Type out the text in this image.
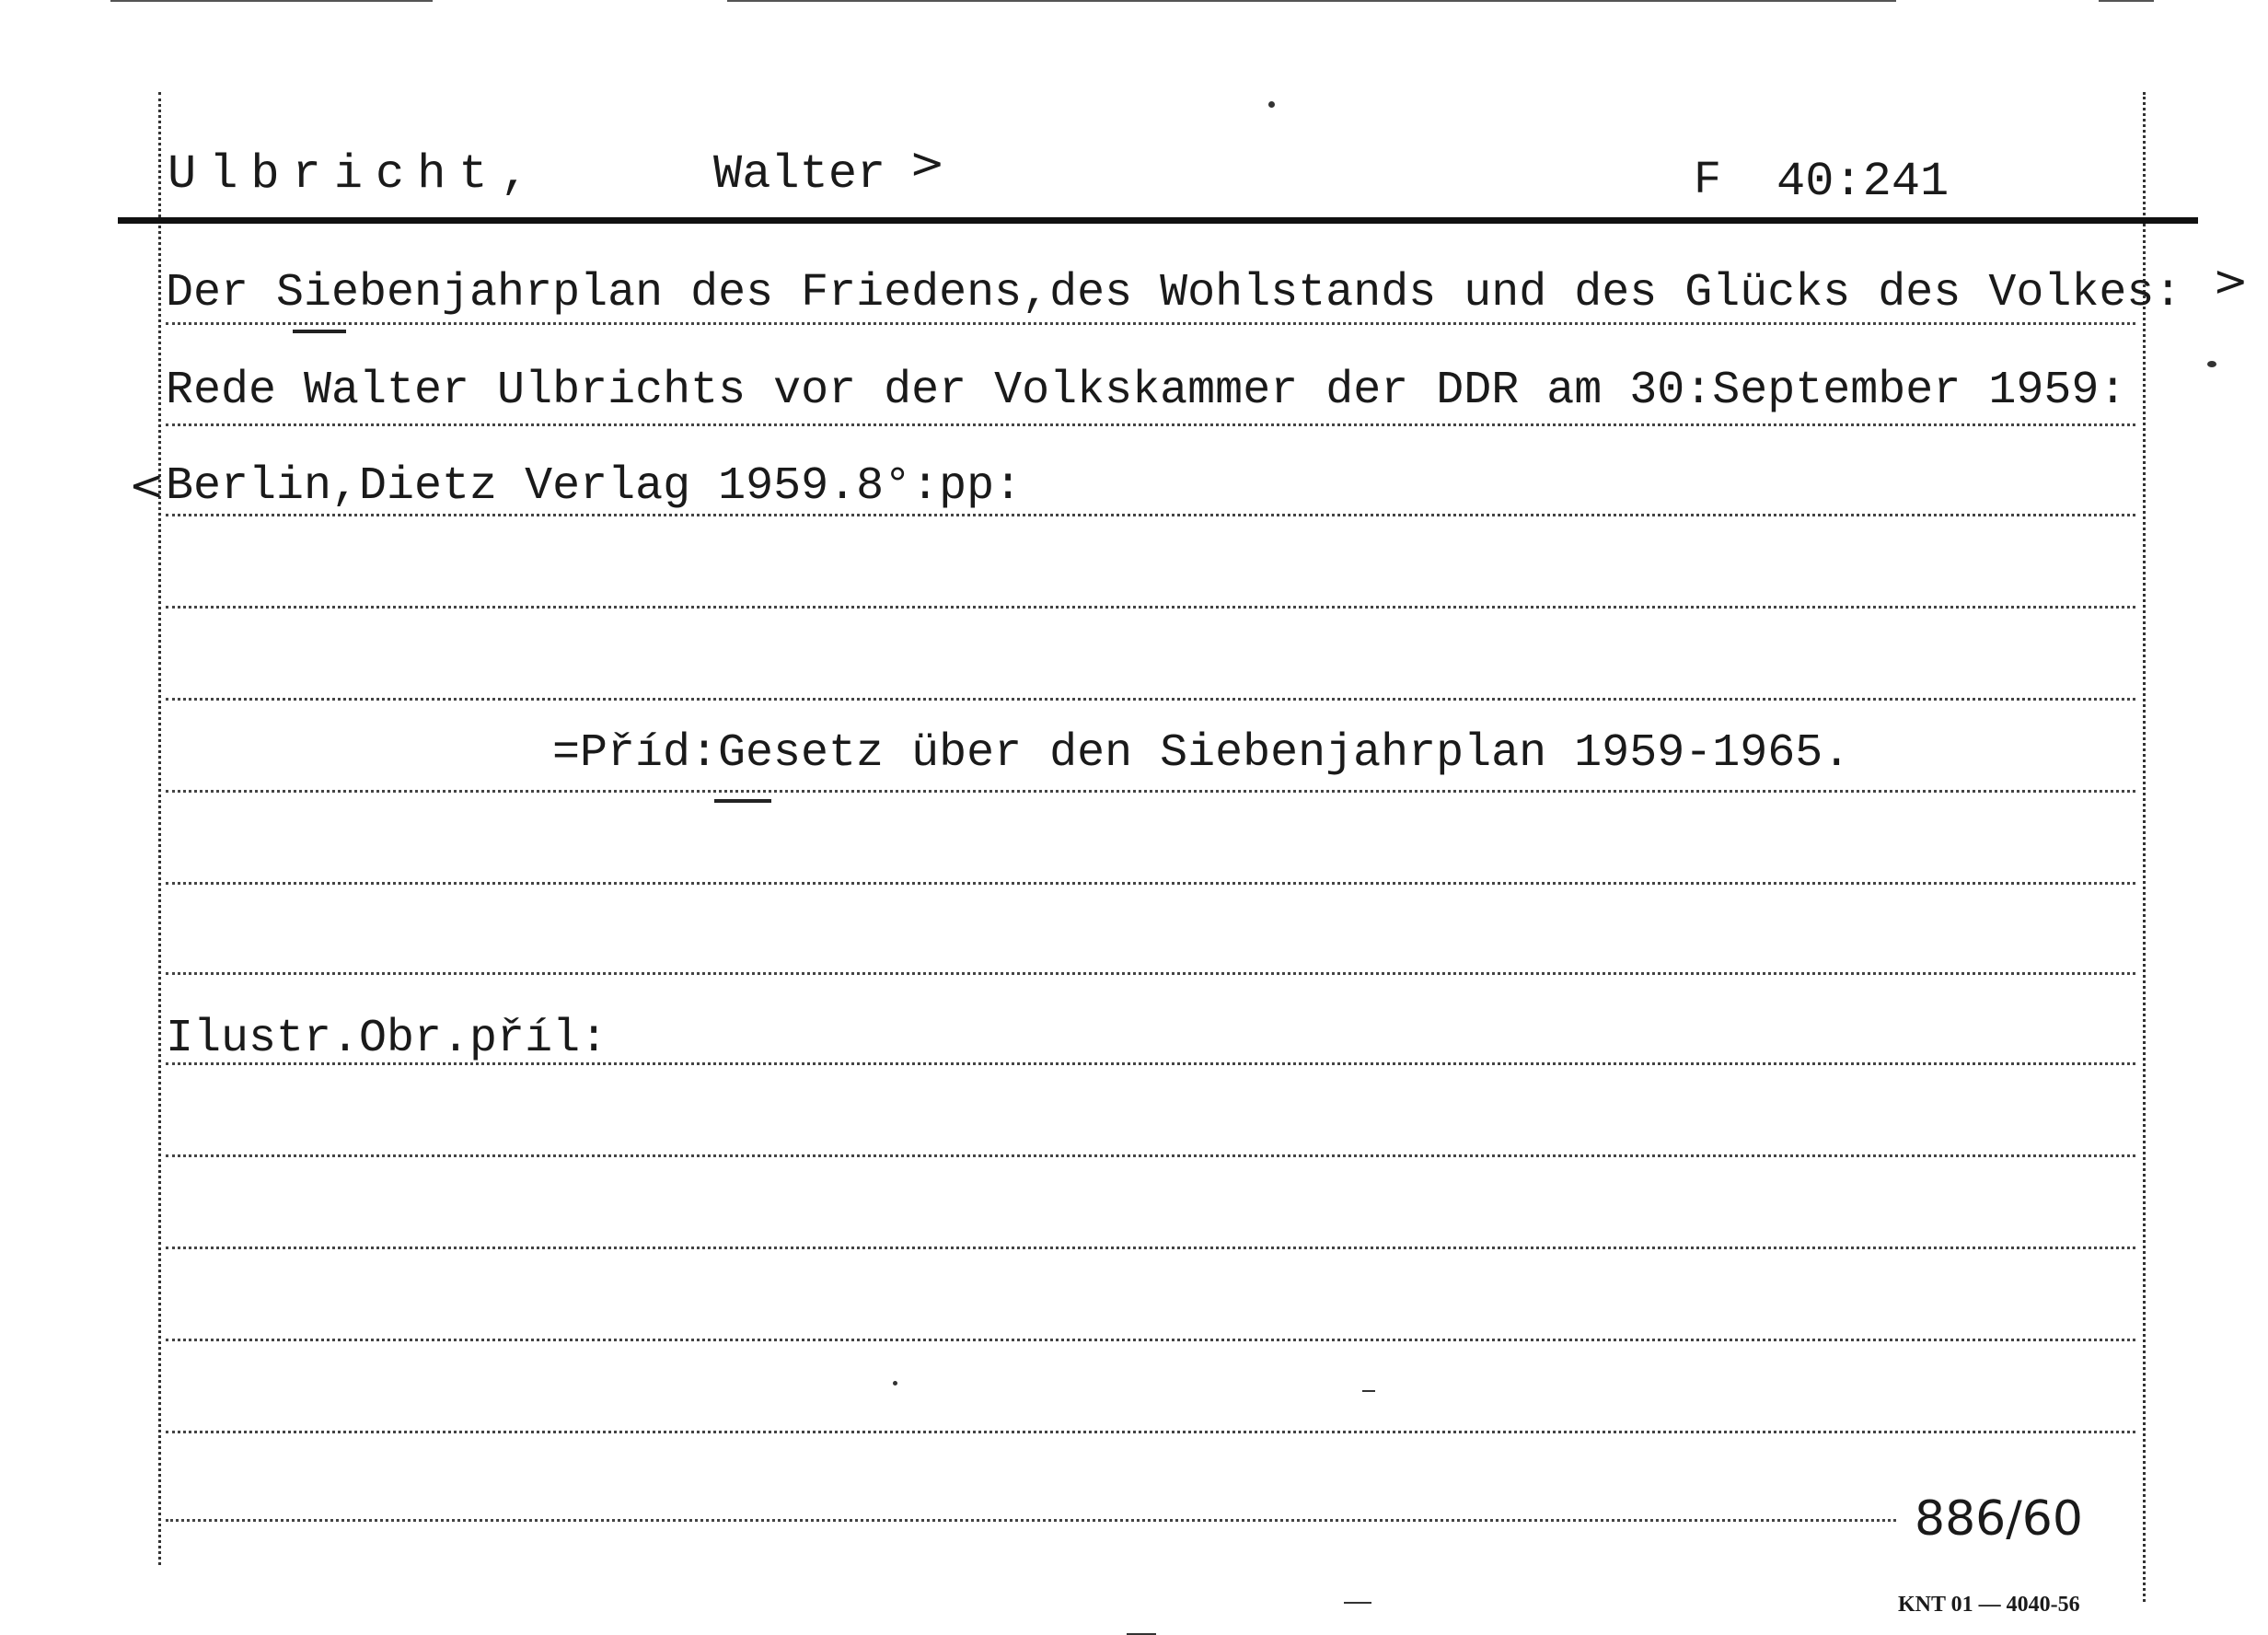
Ulbricht,	Walter >	F 40:241
Der Siebenjahrplan des Friedens,des Wohlstands und des Glücks des Volkes: >
Rede Walter Ulbrichts vor der Volkskammer der DDR am 30:September 1959:
< Berlin,Dietz Verlag 1959.8°:pp:
=Příd:Gesetz über den Siebenjahrplan 1959-1965.
Ilustr.Obr.příl:
886/60
KNT 01 — 4040-56
